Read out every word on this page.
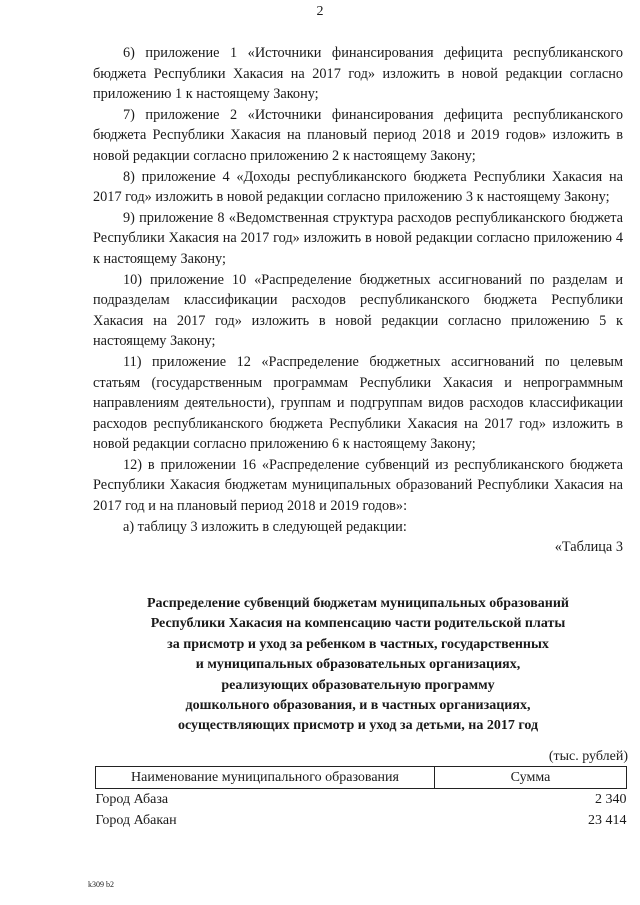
2

6) приложение 1 «Источники финансирования дефицита республиканского бюджета Республики Хакасия на 2017 год» изложить в новой редакции согласно приложению 1 к настоящему Закону;

7) приложение 2 «Источники финансирования дефицита республиканского бюджета Республики Хакасия на плановый период 2018 и 2019 годов» изложить в новой редакции согласно приложению 2 к настоящему Закону;

8) приложение 4 «Доходы республиканского бюджета Республики Хакасия на 2017 год» изложить в новой редакции согласно приложению 3 к настоящему Закону;

9) приложение 8 «Ведомственная структура расходов республиканского бюджета Республики Хакасия на 2017 год» изложить в новой редакции согласно приложению 4 к настоящему Закону;

10) приложение 10 «Распределение бюджетных ассигнований по разделам и подразделам классификации расходов республиканского бюджета Республики Хакасия на 2017 год» изложить в новой редакции согласно приложению 5 к настоящему Закону;

11) приложение 12 «Распределение бюджетных ассигнований по целевым статьям (государственным программам Республики Хакасия и непрограммным направлениям деятельности), группам и подгруппам видов расходов классификации расходов республиканского бюджета Республики Хакасия на 2017 год» изложить в новой редакции согласно приложению 6 к настоящему Закону;

12) в приложении 16 «Распределение субвенций из республиканского бюджета Республики Хакасия бюджетам муниципальных образований Республики Хакасия на 2017 год и на плановый период 2018 и 2019 годов»:

а) таблицу 3 изложить в следующей редакции:

«Таблица 3

Распределение субвенций бюджетам муниципальных образований
Республики Хакасия на компенсацию части родительской платы
за присмотр и уход за ребенком в частных, государственных
и муниципальных образовательных организациях,
реализующих образовательную программу
дошкольного образования, и в частных организациях,
осуществляющих присмотр и уход за детьми, на 2017 год
(тыс. рублей)
Наименование муниципального образования	Сумма
Город Абаза	2 340
Город Абакан	23 414
k309 b2
